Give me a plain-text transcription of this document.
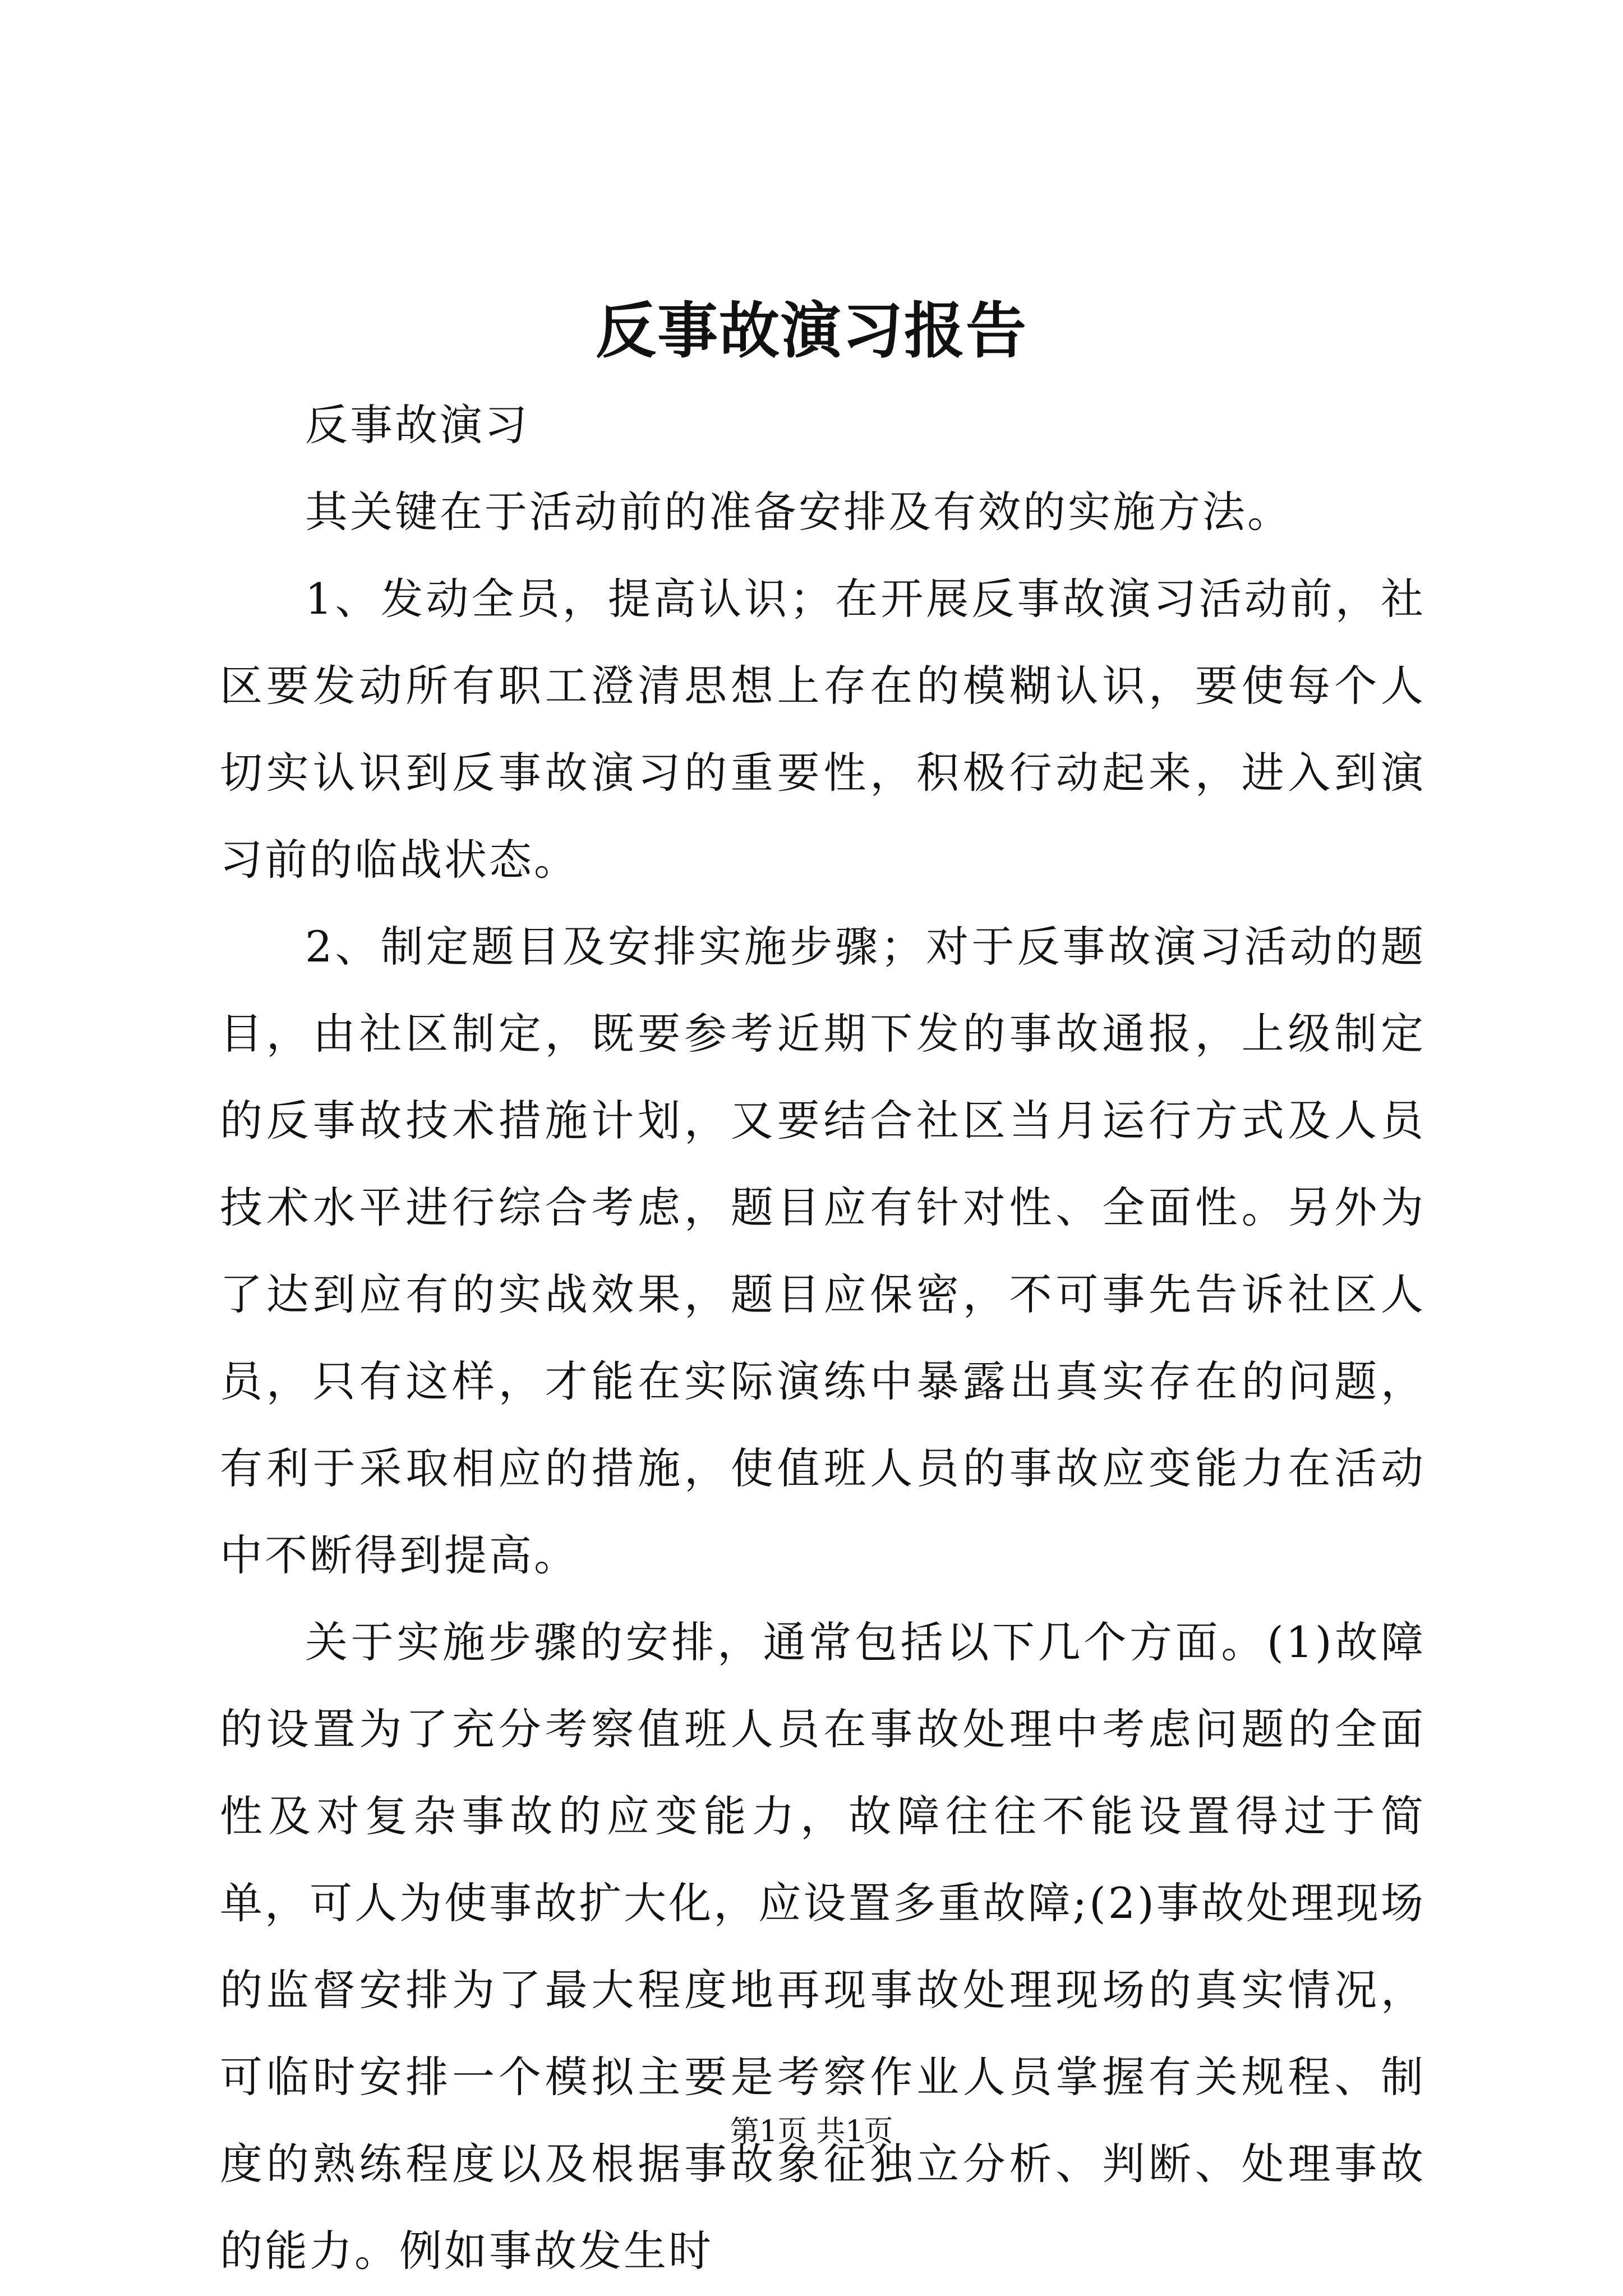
反事故演习报告

反事故演习

其关键在于活动前的准备安排及有效的实施方法。

1、发动全员，提高认识；在开展反事故演习活动前，社区要发动所有职工澄清思想上存在的模糊认识，要使每个人切实认识到反事故演习的重要性，积极行动起来，进入到演习前的临战状态。

2、制定题目及安排实施步骤；对于反事故演习活动的题目，由社区制定，既要参考近期下发的事故通报，上级制定的反事故技术措施计划，又要结合社区当月运行方式及人员技术水平进行综合考虑，题目应有针对性、全面性。另外为了达到应有的实战效果，题目应保密，不可事先告诉社区人员，只有这样，才能在实际演练中暴露出真实存在的问题，有利于采取相应的措施，使值班人员的事故应变能力在活动中不断得到提高。

关于实施步骤的安排，通常包括以下几个方面。(1)故障的设置为了充分考察值班人员在事故处理中考虑问题的全面性及对复杂事故的应变能力，故障往往不能设置得过于简单，可人为使事故扩大化，应设置多重故障;(2)事故处理现场的监督安排为了最大程度地再现事故处理现场的真实情况，可临时安排一个模拟主要是考察作业人员掌握有关规程、制度的熟练程度以及根据事故象征独立分析、判断、处理事故的能力。例如事故发生时

第1页 共1页
